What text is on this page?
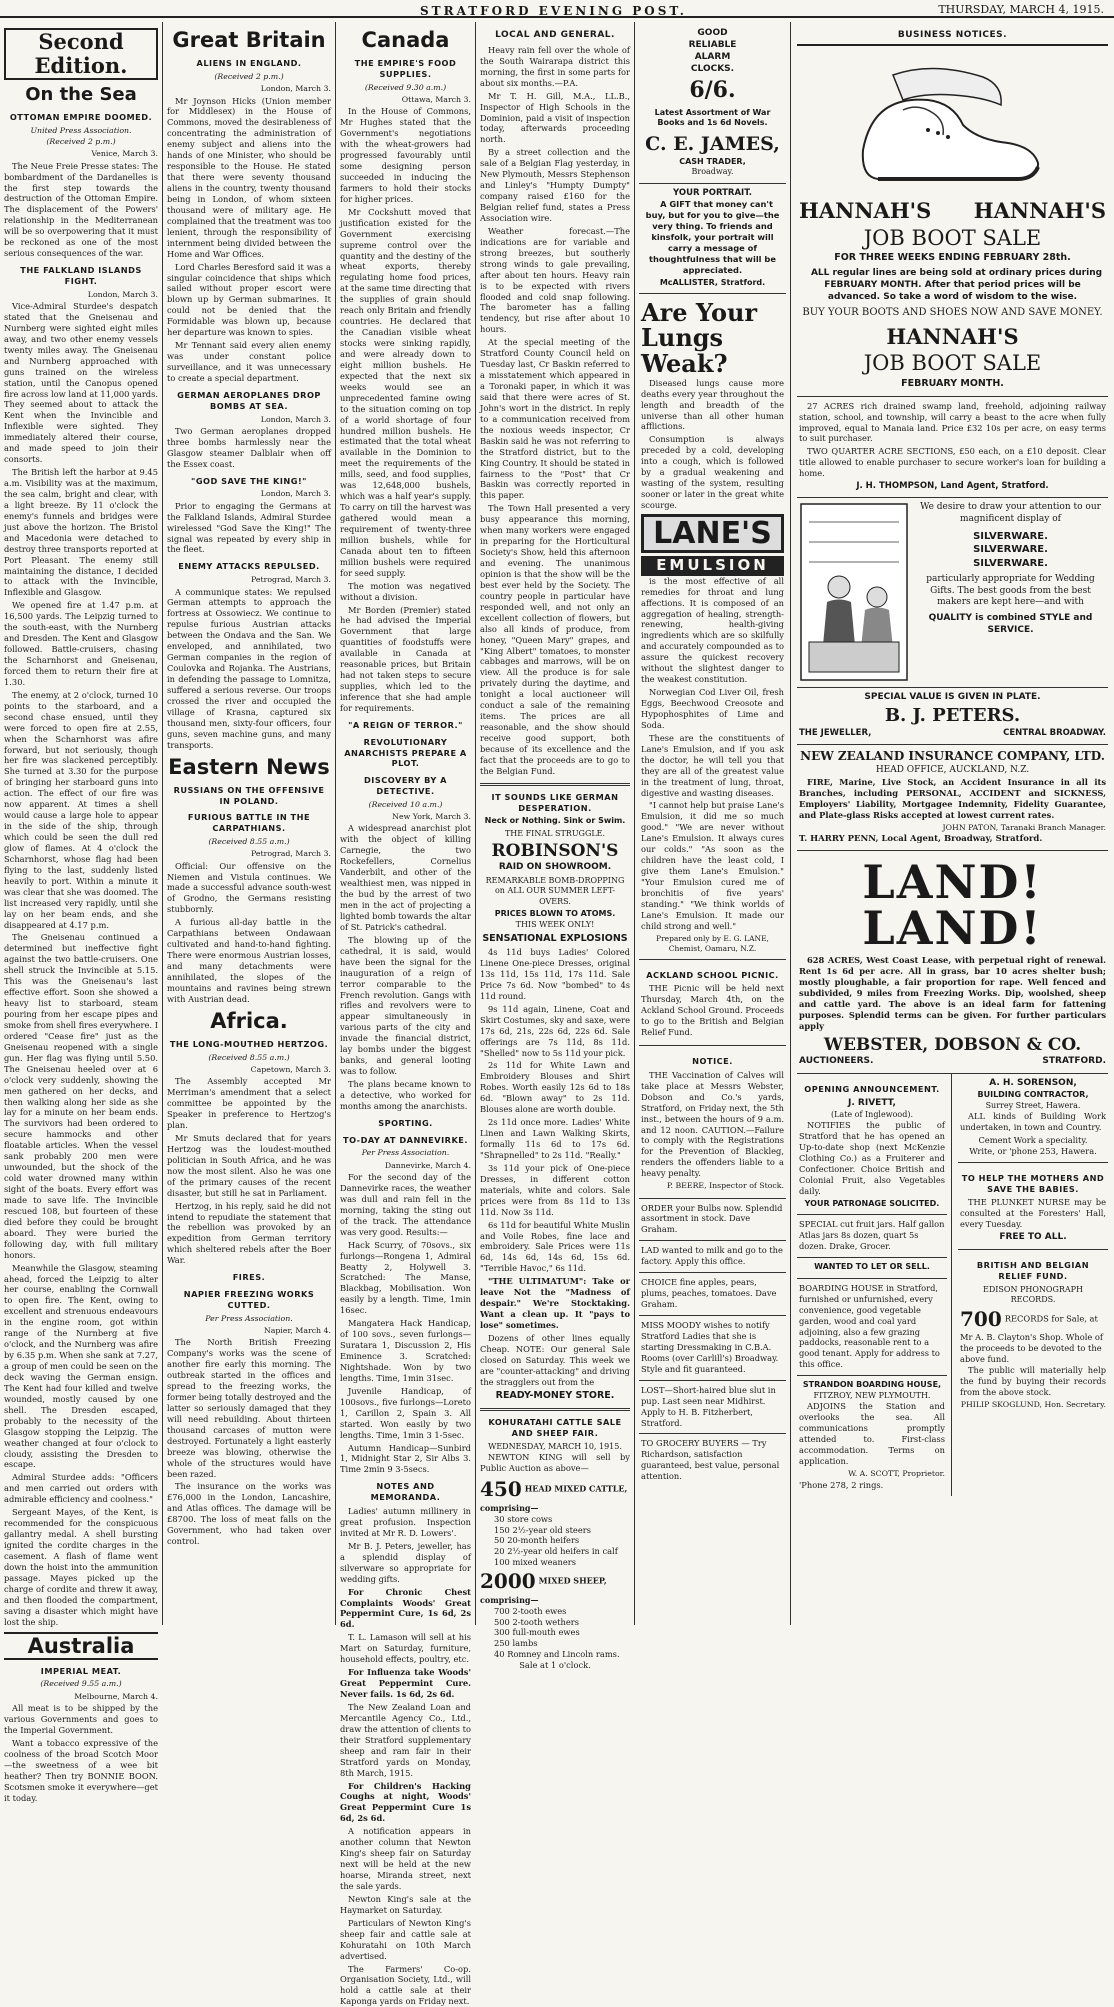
STRATFORD EVENING POST.	THURSDAY, MARCH 4, 1915.
Second Edition.
On the Sea
OTTOMAN EMPIRE DOOMED.
United Press Association.
(Received 2 p.m.)
Venice, March 3.

The Neue Freie Presse states: The bombardment of the Dardanelles is the first step towards the destruction of the Ottoman Empire. The displacement of the Powers' relationship in the Mediterranean will be so overpowering that it must be reckoned as one of the most serious consequences of the war.

THE FALKLAND ISLANDS FIGHT.
London, March 3.

Vice-Admiral Sturdee's despatch stated that the Gneisenau and Nurnberg were sighted eight miles away, and two other enemy vessels twenty miles away. The Gneisenau and Nurnberg approached with guns trained on the wireless station, until the Canopus opened fire across low land at 11,000 yards. They seemed about to attack the Kent when the Invincible and Inflexible were sighted. They immediately altered their course, and made speed to join their consorts.

The British left the harbor at 9.45 a.m. Visibility was at the maximum, the sea calm, bright and clear, with a light breeze. By 11 o'clock the enemy's funnels and bridges were just above the horizon. The Bristol and Macedonia were detached to destroy three transports reported at Port Pleasant. The enemy still maintaining the distance, I decided to attack with the Invincible, Inflexible and Glasgow.

We opened fire at 1.47 p.m. at 16,500 yards. The Leipzig turned to the south-east, with the Nurnberg and Dresden. The Kent and Glasgow followed. Battle-cruisers, chasing the Scharnhorst and Gneisenau, forced them to return their fire at 1.30.

The enemy, at 2 o'clock, turned 10 points to the starboard, and a second chase ensued, until they were forced to open fire at 2.55, when the Scharnhorst was afire forward, but not seriously, though her fire was slackened perceptibly. She turned at 3.30 for the purpose of bringing her starboard guns into action. The effect of our fire was now apparent. At times a shell would cause a large hole to appear in the side of the ship, through which could be seen the dull red glow of flames. At 4 o'clock the Scharnhorst, whose flag had been flying to the last, suddenly listed heavily to port. Within a minute it was clear that she was doomed. The list increased very rapidly, until she lay on her beam ends, and she disappeared at 4.17 p.m.

The Gneisenau continued a determined but ineffective fight against the two battle-cruisers. One shell struck the Invincible at 5.15. This was the Gneisenau's last effective effort. Soon she showed a heavy list to starboard, steam pouring from her escape pipes and smoke from shell fires everywhere. I ordered "Cease fire" just as the Gneisenau reopened with a single gun. Her flag was flying until 5.50. The Gneisenau heeled over at 6 o'clock very suddenly, showing the men gathered on her decks, and then walking along her side as she lay for a minute on her beam ends. The survivors had been ordered to secure hammocks and other floatable articles. When the vessel sank probably 200 men were unwounded, but the shock of the cold water drowned many within sight of the boats. Every effort was made to save life. The Invincible rescued 108, but fourteen of these died before they could be brought aboard. They were buried the following day, with full military honors.

Meanwhile the Glasgow, steaming ahead, forced the Leipzig to alter her course, enabling the Cornwall to open fire. The Kent, owing to excellent and strenuous endeavours in the engine room, got within range of the Nurnberg at five o'clock, and the Nurnberg was afire by 6.35 p.m. When she sank at 7.27, a group of men could be seen on the deck waving the German ensign. The Kent had four killed and twelve wounded, mostly caused by one shell. The Dresden escaped, probably to the necessity of the Glasgow stopping the Leipzig. The weather changed at four o'clock to cloudy, assisting the Dresden to escape.

Admiral Sturdee adds: "Officers and men carried out orders with admirable efficiency and coolness."

Sergeant Mayes, of the Kent, is recommended for the conspicuous gallantry medal. A shell bursting ignited the cordite charges in the casement. A flash of flame went down the hoist into the ammunition passage. Mayes picked up the charge of cordite and threw it away, and then flooded the compartment, saving a disaster which might have lost the ship.

Australia
IMPERIAL MEAT.
(Received 9.55 a.m.)
Melbourne, March 4.

All meat is to be shipped by the various Governments and goes to the Imperial Government.

Want a tobacco expressive of the coolness of the broad Scotch Moor—the sweetness of a wee bit heather? Then try BONNIE BOON. Scotsmen smoke it everywhere—get it today.

Great Britain
ALIENS IN ENGLAND.
(Received 2 p.m.)
London, March 3.

Mr Joynson Hicks (Union member for Middlesex) in the House of Commons, moved the desirableness of concentrating the administration of enemy subject and aliens into the hands of one Minister, who should be responsible to the House. He stated that there were seventy thousand aliens in the country, twenty thousand being in London, of whom sixteen thousand were of military age. He complained that the treatment was too lenient, through the responsibility of internment being divided between the Home and War Offices.

Lord Charles Beresford said it was a singular coincidence that ships which sailed without proper escort were blown up by German submarines. It could not be denied that the Formidable was blown up, because her departure was known to spies.

Mr Tennant said every alien enemy was under constant police surveillance, and it was unnecessary to create a special department.

GERMAN AEROPLANES DROP BOMBS AT SEA.
London, March 3.

Two German aeroplanes dropped three bombs harmlessly near the Glasgow steamer Dalblair when off the Essex coast.

"GOD SAVE THE KING!"
London, March 3.

Prior to engaging the Germans at the Falkland Islands, Admiral Sturdee wirelessed "God Save the King!" The signal was repeated by every ship in the fleet.

ENEMY ATTACKS REPULSED.
Petrograd, March 3.

A communique states: We repulsed German attempts to approach the fortress at Ossowiecz. We continue to repulse furious Austrian attacks between the Ondava and the San. We enveloped, and annihilated, two German companies in the region of Coulovka and Rojanka. The Austrians, in defending the passage to Lomnitza, suffered a serious reverse. Our troops crossed the river and occupied the village of Krasna, captured six thousand men, sixty-four officers, four guns, seven machine guns, and many transports.

Eastern News
RUSSIANS ON THE OFFENSIVE IN POLAND.
FURIOUS BATTLE IN THE CARPATHIANS.
(Received 8.55 a.m.)
Petrograd, March 3.

Official: Our offensive on the Niemen and Vistula continues. We made a successful advance south-west of Grodno, the Germans resisting stubbornly.

A furious all-day battle in the Carpathians between Ondawaan cultivated and hand-to-hand fighting. There were enormous Austrian losses, and many detachments were annihilated, the slopes of the mountains and ravines being strewn with Austrian dead.

Africa.
THE LONG-MOUTHED HERTZOG.
(Received 8.55 a.m.)
Capetown, March 3.

The Assembly accepted Mr Merriman's amendment that a select committee be appointed by the Speaker in preference to Hertzog's plan.

Mr Smuts declared that for years Hertzog was the loudest-mouthed politician in South Africa, and he was now the most silent. Also he was one of the primary causes of the recent disaster, but still he sat in Parliament.

Hertzog, in his reply, said he did not intend to repudiate the statement that the rebellion was provoked by an expedition from German territory which sheltered rebels after the Boer War.

FIRES.
NAPIER FREEZING WORKS CUTTED.
Per Press Association.
Napier, March 4.

The North British Freezing Company's works was the scene of another fire early this morning. The outbreak started in the offices and spread to the freezing works, the former being totally destroyed and the latter so seriously damaged that they will need rebuilding. About thirteen thousand carcases of mutton were destroyed. Fortunately a light easterly breeze was blowing, otherwise the whole of the structures would have been razed.

The insurance on the works was £76,000 in the London, Lancashire, and Atlas offices. The damage will be £8700. The loss of meat falls on the Government, who had taken over control.

Canada
THE EMPIRE'S FOOD SUPPLIES.
(Received 9.30 a.m.)
Ottawa, March 3.

In the House of Commons, Mr Hughes stated that the Government's negotiations with the wheat-growers had progressed favourably until some designing person succeeded in inducing the farmers to hold their stocks for higher prices.

Mr Cockshutt moved that justification existed for the Government exercising supreme control over the quantity and the destiny of the wheat exports, thereby regulating home food prices, at the same time directing that the supplies of grain should reach only Britain and friendly countries. He declared that the Canadian visible wheat stocks were sinking rapidly, and were already down to eight million bushels. He expected that the next six weeks would see an unprecedented famine owing to the situation coming on top of a world shortage of four hundred million bushels. He estimated that the total wheat available in the Dominion to meet the requirements of the mills, seed, and food supplies, was 12,648,000 bushels, which was a half year's supply. To carry on till the harvest was gathered would mean a requirement of twenty-three million bushels, while for Canada about ten to fifteen million bushels were required for seed supply.

The motion was negatived without a division.

Mr Borden (Premier) stated he had advised the Imperial Government that large quantities of foodstuffs were available in Canada at reasonable prices, but Britain had not taken steps to secure supplies, which led to the inference that she had ample for requirements.

"A REIGN OF TERROR."
REVOLUTIONARY ANARCHISTS PREPARE A PLOT.
DISCOVERY BY A DETECTIVE.
(Received 10 a.m.)
New York, March 3.

A widespread anarchist plot with the object of killing Carnegie, the two Rockefellers, Cornelius Vanderbilt, and other of the wealthiest men, was nipped in the bud by the arrest of two men in the act of projecting a lighted bomb towards the altar of St. Patrick's cathedral.

The blowing up of the cathedral, it is said, would have been the signal for the inauguration of a reign of terror comparable to the French revolution. Gangs with rifles and revolvers were to appear simultaneously in various parts of the city and invade the financial district, lay bombs under the biggest banks, and general looting was to follow.

The plans became known to a detective, who worked for months among the anarchists.

SPORTING.
TO-DAY AT DANNEVIRKE.
Per Press Association.
Dannevirke, March 4.

For the second day of the Dannevirke races, the weather was dull and rain fell in the morning, taking the sting out of the track. The attendance was very good. Results:—

Hack Scurry, of 70sovs., six furlongs—Rongena 1, Admiral Beatty 2, Holywell 3. Scratched: The Manse, Blackbag, Mobilisation. Won easily by a length. Time, 1min 16sec.

Mangatera Hack Handicap, of 100 sovs., seven furlongs—Suratara 1, Discussion 2, His Eminence 3. Scratched: Nightshade. Won by two lengths. Time, 1min 31sec.

Juvenile Handicap, of 100sovs., five furlongs—Loreto 1, Carillon 2, Spain 3. All started. Won easily by two lengths. Time, 1min 3 1-5sec.

Autumn Handicap—Sunbird 1, Midnight Star 2, Sir Albs 3. Time 2min 9 3-5secs.

NOTES AND MEMORANDA.

Ladies' autumn millinery in great profusion. Inspection invited at Mr R. D. Lowers'.

Mr B. J. Peters, jeweller, has a splendid display of silverware so appropriate for wedding gifts.

For Chronic Chest Complaints Woods' Great Peppermint Cure, 1s 6d, 2s 6d.

T. L. Lamason will sell at his Mart on Saturday, furniture, household effects, poultry, etc.

For Influenza take Woods' Great Peppermint Cure. Never fails. 1s 6d, 2s 6d.

The New Zealand Loan and Mercantile Agency Co., Ltd., draw the attention of clients to their Stratford supplementary sheep and ram fair in their Stratford yards on Monday, 8th March, 1915.

For Children's Hacking Coughs at night, Woods' Great Peppermint Cure 1s 6d, 2s 6d.

A notification appears in another column that Newton King's sheep fair on Saturday next will be held at the new hoarse, Miranda street, next the sale yards.

Newton King's sale at the Haymarket on Saturday.

Particulars of Newton King's sheep fair and cattle sale at Kohuratahi on 10th March advertised.

The Farmers' Co-op. Organisation Society, Ltd., will hold a cattle sale at their Kaponga yards on Friday next.

LOCAL AND GENERAL.

Heavy rain fell over the whole of the South Wairarapa district this morning, the first in some parts for about six months.—P.A.

Mr T. H. Gill, M.A., LL.B., Inspector of High Schools in the Dominion, paid a visit of inspection today, afterwards proceeding north.

By a street collection and the sale of a Belgian Flag yesterday, in New Plymouth, Messrs Stephenson and Linley's "Humpty Dumpty" company raised £160 for the Belgian relief fund, states a Press Association wire.

Weather forecast.—The indications are for variable and strong breezes, but southerly strong winds to gale prevailing, after about ten hours. Heavy rain is to be expected with rivers flooded and cold snap following. The barometer has a falling tendency, but rise after about 10 hours.

At the special meeting of the Stratford County Council held on Tuesday last, Cr Baskin referred to a misstatement which appeared in a Toronaki paper, in which it was said that there were acres of St. John's wort in the district. In reply to a communication received from the noxious weeds inspector, Cr Baskin said he was not referring to the Stratford district, but to the King Country. It should be stated in fairness to the "Post" that Cr Baskin was correctly reported in this paper.

The Town Hall presented a very busy appearance this morning, when many workers were engaged in preparing for the Horticultural Society's Show, held this afternoon and evening. The unanimous opinion is that the show will be the best ever held by the Society. The country people in particular have responded well, and not only an excellent collection of flowers, but also all kinds of produce, from honey, "Queen Mary" grapes, and "King Albert" tomatoes, to monster cabbages and marrows, will be on view. All the produce is for sale privately during the daytime, and tonight a local auctioneer will conduct a sale of the remaining items. The prices are all reasonable, and the show should receive good support, both because of its excellence and the fact that the proceeds are to go to the Belgian Fund.

IT SOUNDS LIKE GERMAN DESPERATION.
Neck or Nothing. Sink or Swim.
THE FINAL STRUGGLE.
ROBINSON'S
RAID ON SHOWROOM.
REMARKABLE BOMB-DROPPING on ALL OUR SUMMER LEFT-OVERS.
PRICES BLOWN TO ATOMS.
THIS WEEK ONLY!
SENSATIONAL EXPLOSIONS

4s 11d buys Ladies' Colored Linene One-piece Dresses, original 13s 11d, 15s 11d, 17s 11d. Sale Price 7s 6d. Now "bombed" to 4s 11d round.

9s 11d again, Linene, Coat and Skirt Costumes, sky and saxe, were 17s 6d, 21s, 22s 6d, 22s 6d. Sale offerings are 7s 11d, 8s 11d. "Shelled" now to 5s 11d your pick.

2s 11d for White Lawn and Embroidery Blouses and Shirt Robes. Worth easily 12s 6d to 18s 6d. "Blown away" to 2s 11d. Blouses alone are worth double.

2s 11d once more. Ladies' White Linen and Lawn Walking Skirts, formally 11s 6d to 17s 6d. "Shrapnelled" to 2s 11d. "Really."

3s 11d your pick of One-piece Dresses, in different cotton materials, white and colors. Sale prices were from 8s 11d to 13s 11d. Now 3s 11d.

6s 11d for beautiful White Muslin and Voile Robes, fine lace and embroidery. Sale Prices were 11s 6d, 14s 6d, 14s 6d, 15s 6d. "Terrible Havoc," 6s 11d.

"THE ULTIMATUM": Take or leave Not the "Madness of despair." We're Stocktaking. Want a clean up. It "pays to lose" sometimes.

Dozens of other lines equally Cheap. NOTE: Our general Sale closed on Saturday. This week we are "counter-attacking" and driving the stragglers out from the

READY-MONEY STORE.
KOHURATAHI CATTLE SALE AND SHEEP FAIR.
WEDNESDAY, MARCH 10, 1915.

NEWTON KING will sell by Public Auction as above—

450 HEAD MIXED CATTLE, comprising—
30 store cows
150 2½-year old steers
50 20-month heifers
20 2½-year old heifers in calf
100 mixed weaners
2000 MIXED SHEEP, comprising—
700 2-tooth ewes
500 2-tooth wethers
300 full-mouth ewes
250 lambs
40 Romney and Lincoln rams.
Sale at 1 o'clock.
GOOD
RELIABLE
ALARM
CLOCKS.
6/6.
Latest Assortment of War Books and 1s 6d Novels.
C. E. JAMES,
CASH TRADER,
Broadway.
YOUR PORTRAIT.

A GIFT that money can't buy, but for you to give—the very thing. To friends and kinsfolk, your portrait will carry a message of thoughtfulness that will be appreciated.

McALLISTER, Stratford.
Are Your Lungs Weak?

Diseased lungs cause more deaths every year throughout the length and breadth of the universe than all other human afflictions.

Consumption is always preceded by a cold, developing into a cough, which is followed by a gradual weakening and wasting of the system, resulting sooner or later in the great white scourge.

LANE'S
EMULSION

is the most effective of all remedies for throat and lung affections. It is composed of an aggregation of healing, strength-renewing, health-giving ingredients which are so skilfully and accurately compounded as to assure the quickest recovery without the slightest danger to the weakest constitution.

Norwegian Cod Liver Oil, fresh Eggs, Beechwood Creosote and Hypophosphites of Lime and Soda.

These are the constituents of Lane's Emulsion, and if you ask the doctor, he will tell you that they are all of the greatest value in the treatment of lung, throat, digestive and wasting diseases.

"I cannot help but praise Lane's Emulsion, it did me so much good." "We are never without Lane's Emulsion. It always cures our colds." "As soon as the children have the least cold, I give them Lane's Emulsion." "Your Emulsion cured me of bronchitis of five years' standing." "We think worlds of Lane's Emulsion. It made our child strong and well."

Prepared only by E. G. LANE, Chemist, Oamaru, N.Z.
ACKLAND SCHOOL PICNIC.

THE Picnic will be held next Thursday, March 4th, on the Ackland School Ground. Proceeds to go to the British and Belgian Relief Fund.

NOTICE.

THE Vaccination of Calves will take place at Messrs Webster, Dobson and Co.'s yards, Stratford, on Friday next, the 5th inst., between the hours of 9 a.m. and 12 noon. CAUTION.—Failure to comply with the Registrations for the Prevention of Blackleg, renders the offenders liable to a heavy penalty.

P. BEERE, Inspector of Stock.
ORDER your Bulbs now. Splendid assortment in stock. Dave Graham.
LAD wanted to milk and go to the factory. Apply this office.
CHOICE fine apples, pears, plums, peaches, tomatoes. Dave Graham.
MISS MOODY wishes to notify Stratford Ladies that she is starting Dressmaking in C.B.A. Rooms (over Carlill's) Broadway. Style and fit guaranteed.
LOST—Short-haired blue slut in pup. Last seen near Midhirst. Apply to H. B. Fitzherbert, Stratford.
TO GROCERY BUYERS — Try Richardson, satisfaction guaranteed, best value, personal attention.
BUSINESS NOTICES.
HANNAH'S HANNAH'S
JOB BOOT SALE
FOR THREE WEEKS ENDING FEBRUARY 28th.

ALL regular lines are being sold at ordinary prices during FEBRUARY MONTH. After that period prices will be advanced. So take a word of wisdom to the wise.

BUY YOUR BOOTS AND SHOES NOW AND SAVE MONEY.
HANNAH'S
JOB BOOT SALE
FEBRUARY MONTH.

27 ACRES rich drained swamp land, freehold, adjoining railway station, school, and township, will carry a beast to the acre when fully improved, equal to Manaia land. Price £32 10s per acre, on easy terms to suit purchaser.

TWO QUARTER ACRE SECTIONS, £50 each, on a £10 deposit. Clear title allowed to enable purchaser to secure worker's loan for building a home.

J. H. THOMPSON, Land Agent, Stratford.

We desire to draw your attention to our magnificent display of

SILVERWARE.
SILVERWARE.
SILVERWARE.

particularly appropriate for Wedding Gifts. The best goods from the best makers are kept here—and with

QUALITY is combined STYLE and SERVICE.
SPECIAL VALUE IS GIVEN IN PLATE.
B. J. PETERS.
THE JEWELLER,	CENTRAL BROADWAY.
NEW ZEALAND INSURANCE COMPANY, LTD.
HEAD OFFICE, AUCKLAND, N.Z.

FIRE, Marine, Live Stock, an Accident Insurance in all its Branches, including PERSONAL, ACCIDENT and SICKNESS, Employers' Liability, Mortgagee Indemnity, Fidelity Guarantee, and Plate-glass Risks accepted at lowest current rates.

JOHN PATON, Taranaki Branch Manager.
T. HARRY PENN, Local Agent, Broadway, Stratford.
LAND! LAND!

628 ACRES, West Coast Lease, with perpetual right of renewal. Rent 1s 6d per acre. All in grass, bar 10 acres shelter bush; mostly ploughable, a fair proportion for rape. Well fenced and subdivided, 9 miles from Freezing Works. Dip, woolshed, sheep and cattle yard. The above is an ideal farm for fattening purposes. Splendid terms can be given. For further particulars apply

WEBSTER, DOBSON & CO.
AUCTIONEERS.	STRATFORD.
OPENING ANNOUNCEMENT.
J. RIVETT,
(Late of Inglewood).

NOTIFIES the public of Stratford that he has opened an Up-to-date shop (next McKenzie Clothing Co.) as a Fruiterer and Confectioner. Choice British and Colonial Fruit, also Vegetables daily.

YOUR PATRONAGE SOLICITED.
SPECIAL cut fruit jars. Half gallon Atlas jars 8s dozen, quart 5s dozen. Drake, Grocer.
WANTED TO LET OR SELL.
BOARDING HOUSE in Stratford, furnished or unfurnished, every convenience, good vegetable garden, wood and coal yard adjoining, also a few grazing paddocks, reasonable rent to a good tenant. Apply for address to this office.
STRANDON BOARDING HOUSE,
FITZROY, NEW PLYMOUTH.

ADJOINS the Station and overlooks the sea. All communications promptly attended to. First-class accommodation. Terms on application.

W. A. SCOTT, Proprietor.
'Phone 278, 2 rings.
A. H. SORENSON,
BUILDING CONTRACTOR,
Surrey Street, Hawera.

ALL kinds of Building Work undertaken, in town and Country.

Cement Work a speciality.

Write, or 'phone 253, Hawera.

TO HELP THE MOTHERS AND SAVE THE BABIES.

THE PLUNKET NURSE may be consulted at the Foresters' Hall, every Tuesday.

FREE TO ALL.
BRITISH AND BELGIAN RELIEF FUND.
EDISON PHONOGRAPH RECORDS.
700 RECORDS for Sale, at Mr A. B. Clayton's Shop. Whole of the proceeds to be devoted to the above fund.

The public will materially help the fund by buying their records from the above stock.

PHILIP SKOGLUND, Hon. Secretary.
